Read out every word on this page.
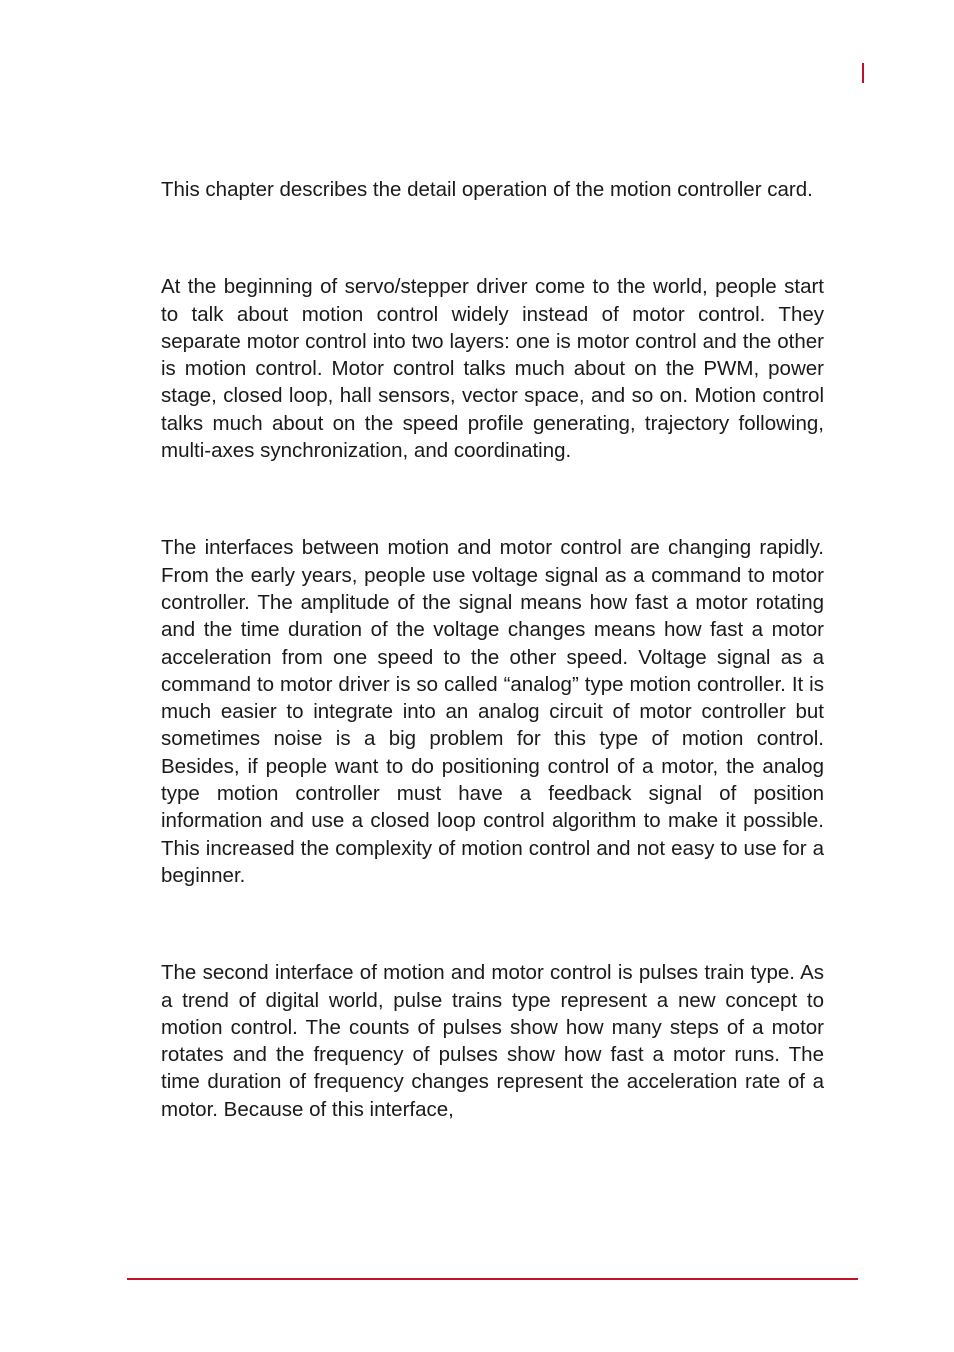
This chapter describes the detail operation of the motion controller card.

At the beginning of servo/stepper driver come to the world, people start to talk about motion control widely instead of motor control. They separate motor control into two layers: one is motor control and the other is motion control. Motor control talks much about on the PWM, power stage, closed loop, hall sensors, vector space, and so on. Motion control talks much about on the speed profile generating, trajectory following, multi-axes synchronization, and coordinating.

The interfaces between motion and motor control are changing rapidly. From the early years, people use voltage signal as a command to motor controller. The amplitude of the signal means how fast a motor rotating and the time duration of the voltage changes means how fast a motor acceleration from one speed to the other speed. Voltage signal as a command to motor driver is so called “analog” type motion controller. It is much easier to integrate into an analog circuit of motor controller but sometimes noise is a big problem for this type of motion control. Besides, if people want to do positioning control of a motor, the analog type motion controller must have a feedback signal of position information and use a closed loop control algorithm to make it possible. This increased the complexity of motion control and not easy to use for a beginner.

The second interface of motion and motor control is pulses train type. As a trend of digital world, pulse trains type represent a new concept to motion control. The counts of pulses show how many steps of a motor rotates and the frequency of pulses show how fast a motor runs. The time duration of frequency changes represent the acceleration rate of a motor. Because of this interface,
